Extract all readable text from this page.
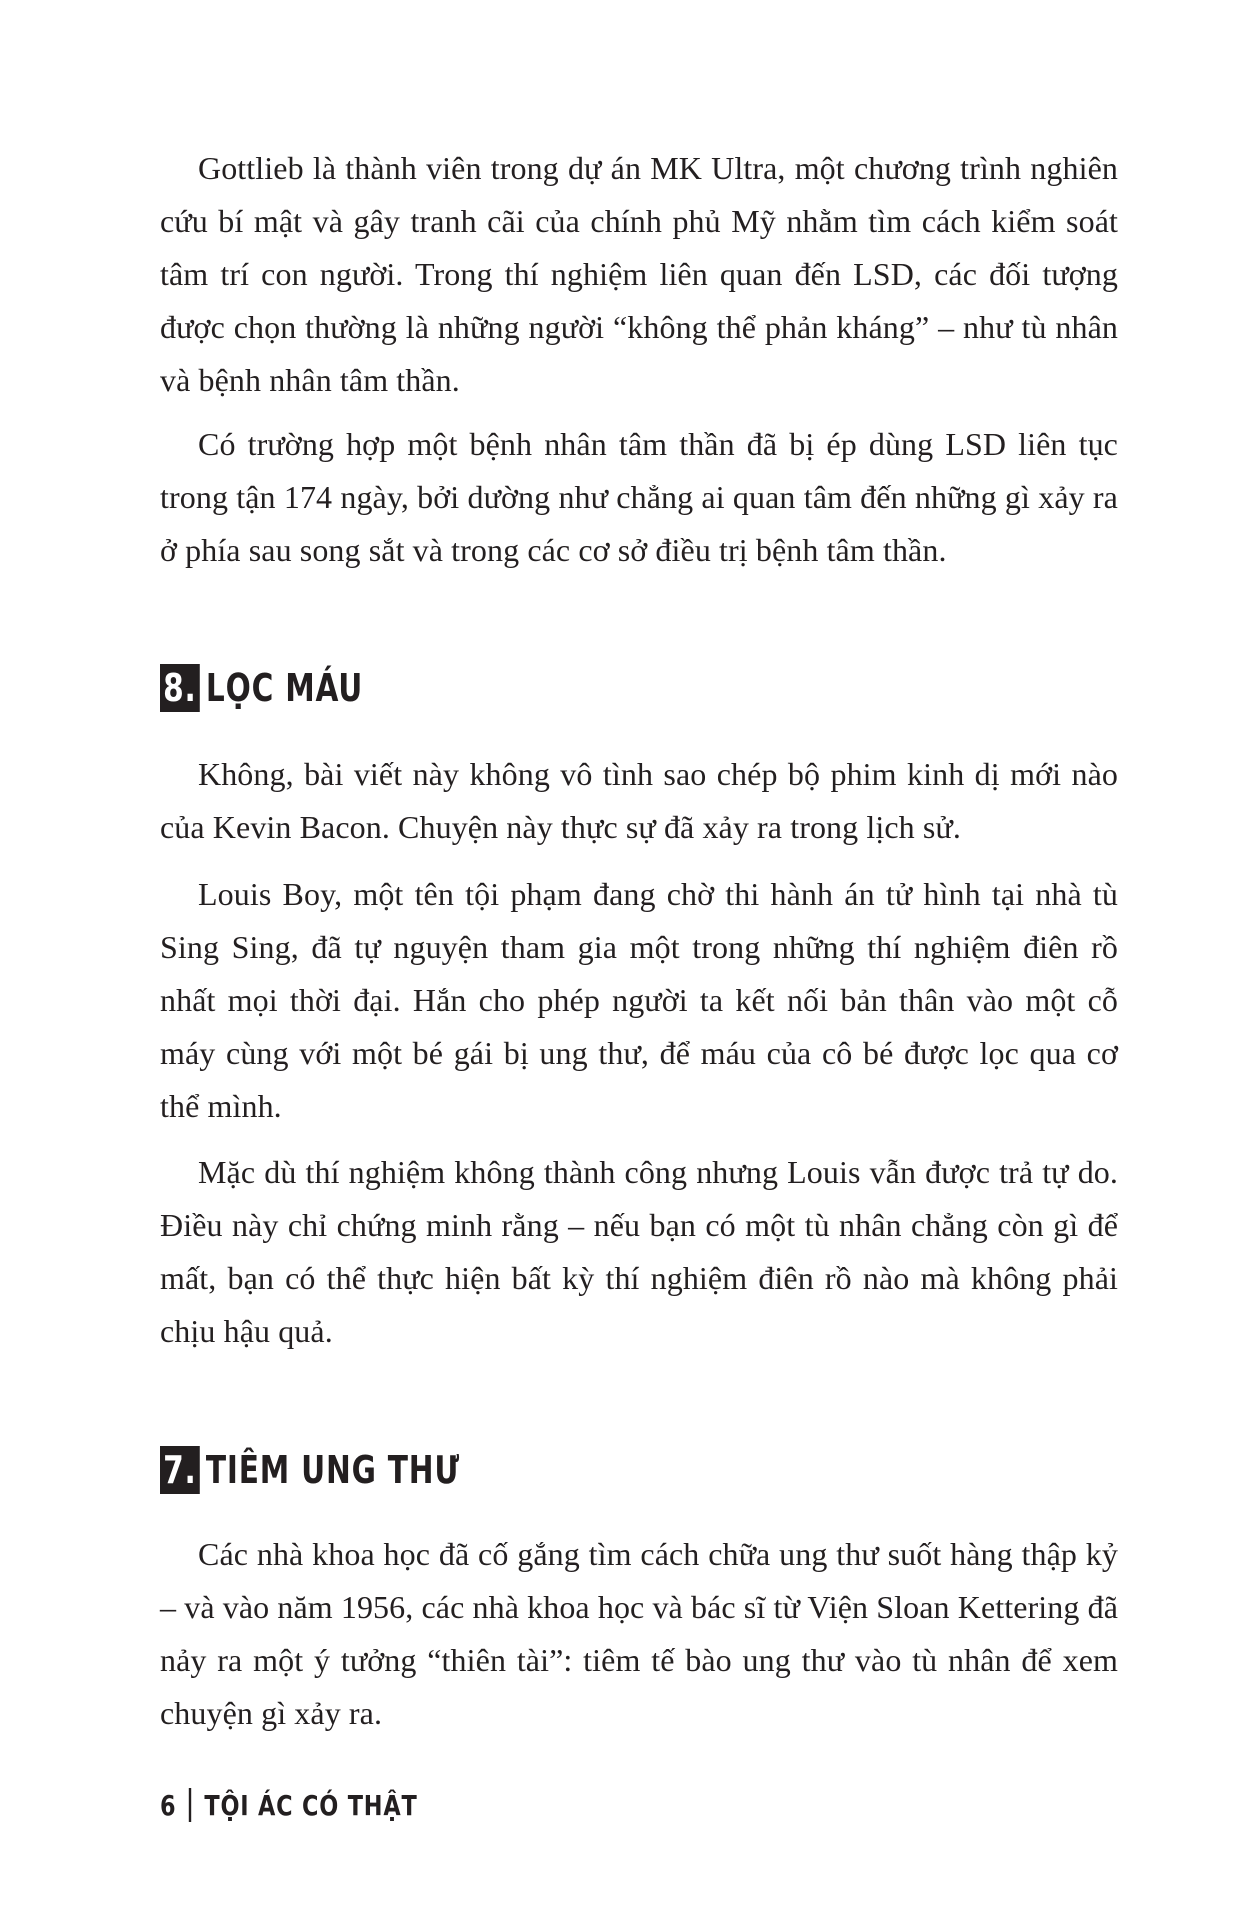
Gottlieb là thành viên trong dự án MK Ultra, một chương trình nghiên cứu bí mật và gây tranh cãi của chính phủ Mỹ nhằm tìm cách kiểm soát tâm trí con người. Trong thí nghiệm liên quan đến LSD, các đối tượng được chọn thường là những người “không thể phản kháng” – như tù nhân và bệnh nhân tâm thần.

Có trường hợp một bệnh nhân tâm thần đã bị ép dùng LSD liên tục trong tận 174 ngày, bởi dường như chẳng ai quan tâm đến những gì xảy ra ở phía sau song sắt và trong các cơ sở điều trị bệnh tâm thần.

8. LỌC MÁU

Không, bài viết này không vô tình sao chép bộ phim kinh dị mới nào của Kevin Bacon. Chuyện này thực sự đã xảy ra trong lịch sử.

Louis Boy, một tên tội phạm đang chờ thi hành án tử hình tại nhà tù Sing Sing, đã tự nguyện tham gia một trong những thí nghiệm điên rồ nhất mọi thời đại. Hắn cho phép người ta kết nối bản thân vào một cỗ máy cùng với một bé gái bị ung thư, để máu của cô bé được lọc qua cơ thể mình.

Mặc dù thí nghiệm không thành công nhưng Louis vẫn được trả tự do. Điều này chỉ chứng minh rằng – nếu bạn có một tù nhân chẳng còn gì để mất, bạn có thể thực hiện bất kỳ thí nghiệm điên rồ nào mà không phải chịu hậu quả.

7. TIÊM UNG THƯ

Các nhà khoa học đã cố gắng tìm cách chữa ung thư suốt hàng thập kỷ – và vào năm 1956, các nhà khoa học và bác sĩ từ Viện Sloan Kettering đã nảy ra một ý tưởng “thiên tài”: tiêm tế bào ung thư vào tù nhân để xem chuyện gì xảy ra.

6 TỘI ÁC CÓ THẬT
